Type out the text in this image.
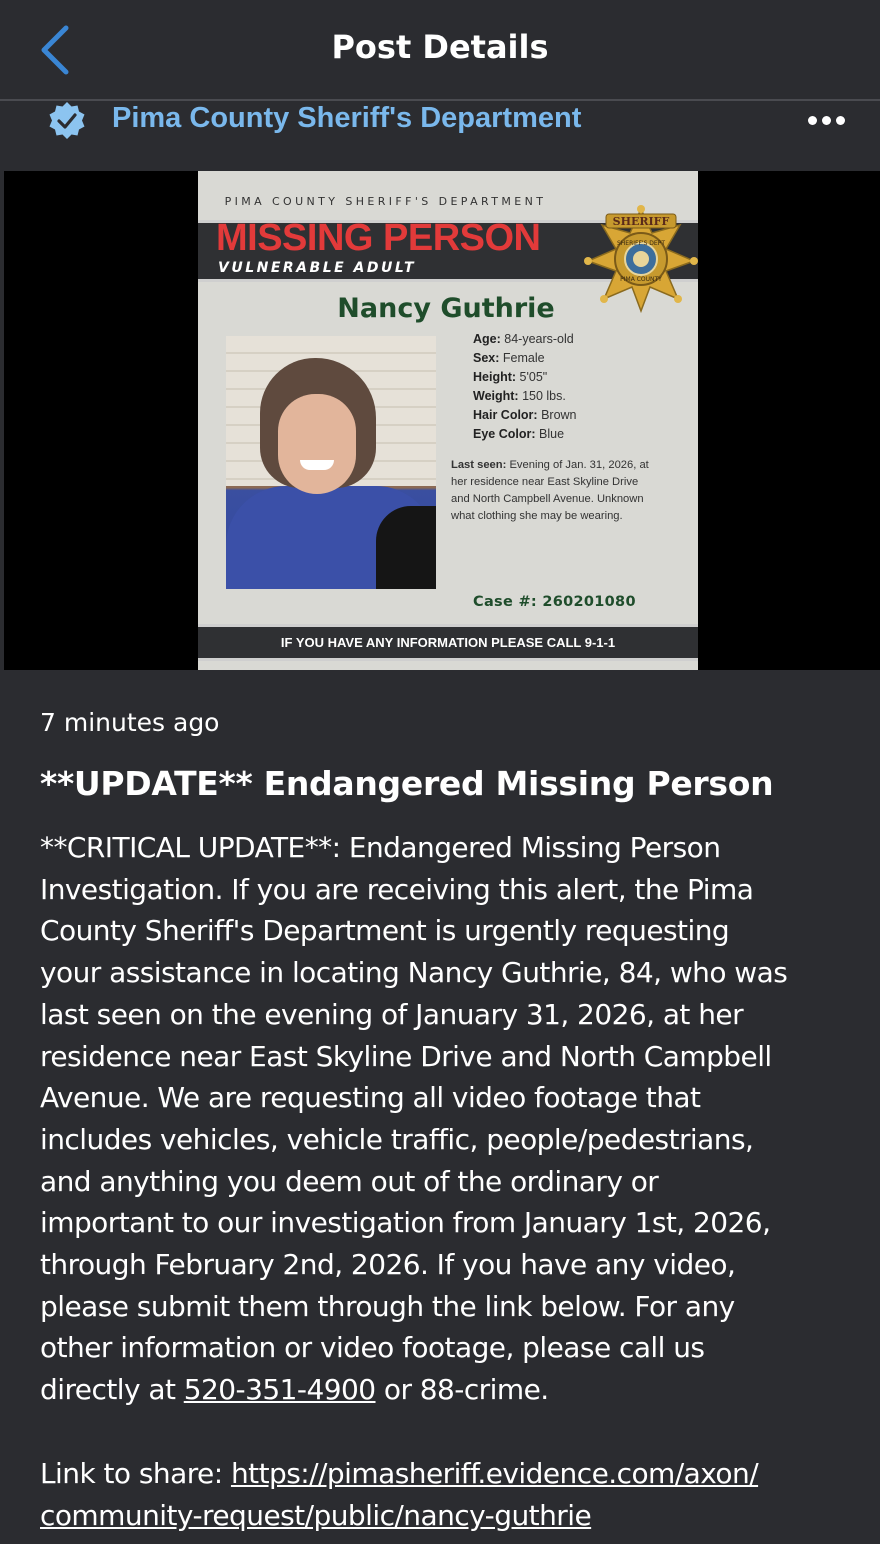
Post Details
Pima County Sheriff's Department
PIMA COUNTY SHERIFF'S DEPARTMENT
MISSING PERSON
VULNERABLE ADULT
SHERIFF
SHERIFF'S DEPT
PIMA COUNTY
Nancy Guthrie
Age: 84-years-old
Sex: Female
Height: 5'05"
Weight: 150 lbs.
Hair Color: Brown
Eye Color: Blue
Last seen: Evening of Jan. 31, 2026, at
her residence near East Skyline Drive
and North Campbell Avenue. Unknown
what clothing she may be wearing.
Case #: 260201080
IF YOU HAVE ANY INFORMATION PLEASE CALL 9-1-1
7 minutes ago
**UPDATE** Endangered Missing Person
**CRITICAL UPDATE**: Endangered Missing Person
Investigation. If you are receiving this alert, the Pima
County Sheriff's Department is urgently requesting
your assistance in locating Nancy Guthrie, 84, who was
last seen on the evening of January 31, 2026, at her
residence near East Skyline Drive and North Campbell
Avenue. We are requesting all video footage that
includes vehicles, vehicle traffic, people/pedestrians,
and anything you deem out of the ordinary or
important to our investigation from January 1st, 2026,
through February 2nd, 2026. If you have any video,
please submit them through the link below. For any
other information or video footage, please call us
directly at 520-351-4900 or 88-crime.
Link to share: https://pimasheriff.evidence.com/axon/
community-request/public/nancy-guthrie
